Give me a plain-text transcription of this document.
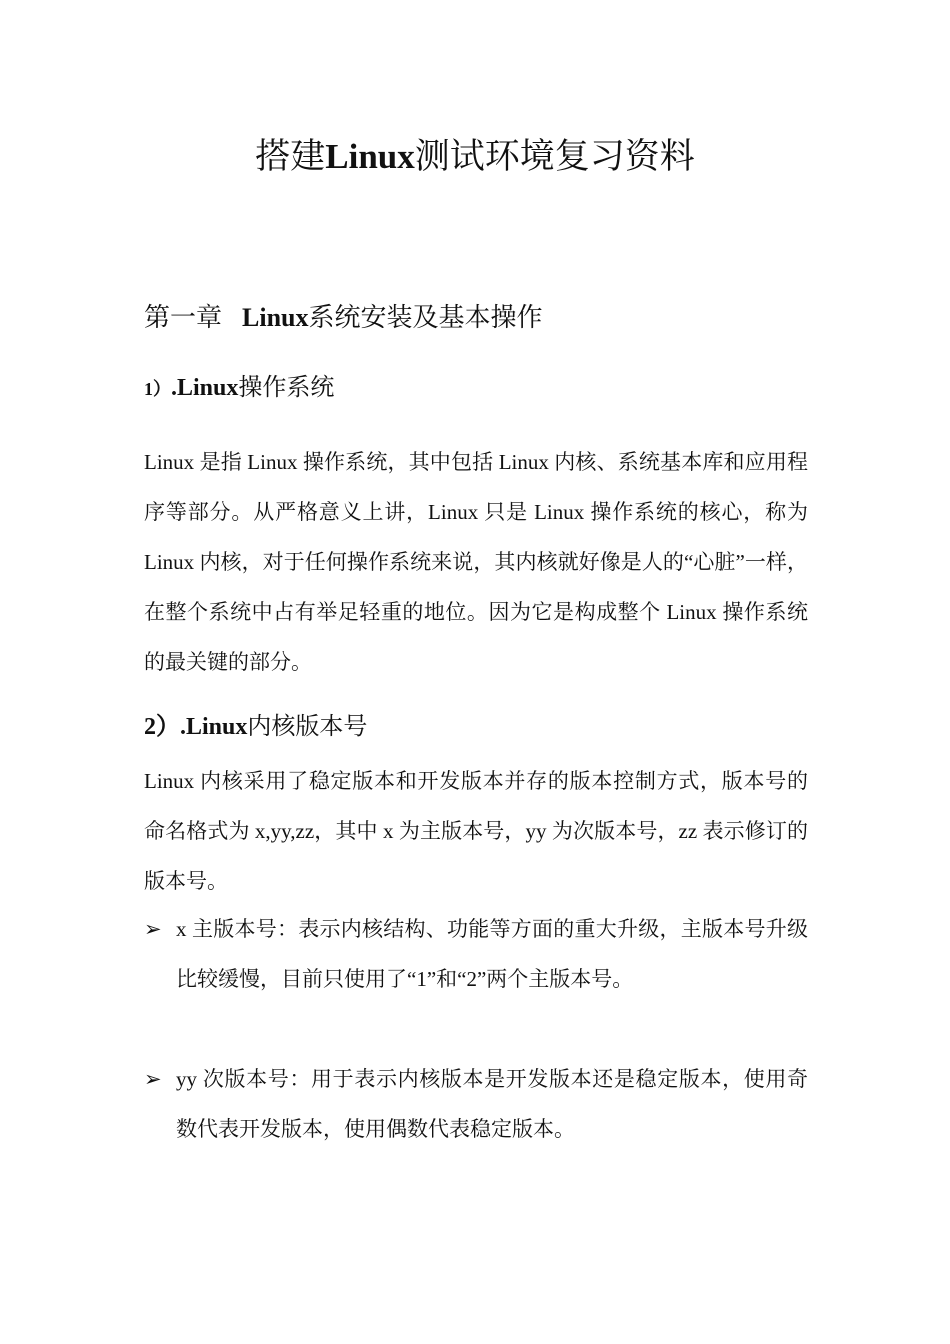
搭建Linux测试环境复习资料
第一章 Linux系统安装及基本操作
1）.Linux操作系统
Linux 是指 Linux 操作系统，其中包括 Linux 内核、系统基本库和应用程序等部分。从严格意义上讲，Linux 只是 Linux 操作系统的核心，称为 Linux 内核，对于任何操作系统来说，其内核就好像是人的“心脏”一样，在整个系统中占有举足轻重的地位。因为它是构成整个 Linux 操作系统的最关键的部分。
2）.Linux内核版本号
Linux 内核采用了稳定版本和开发版本并存的版本控制方式，版本号的命名格式为 x,yy,zz，其中 x 为主版本号，yy 为次版本号，zz 表示修订的版本号。
➢ x 主版本号：表示内核结构、功能等方面的重大升级，主版本号升级比较缓慢，目前只使用了“1”和“2”两个主版本号。
➢ yy 次版本号：用于表示内核版本是开发版本还是稳定版本，使用奇数代表开发版本，使用偶数代表稳定版本。
